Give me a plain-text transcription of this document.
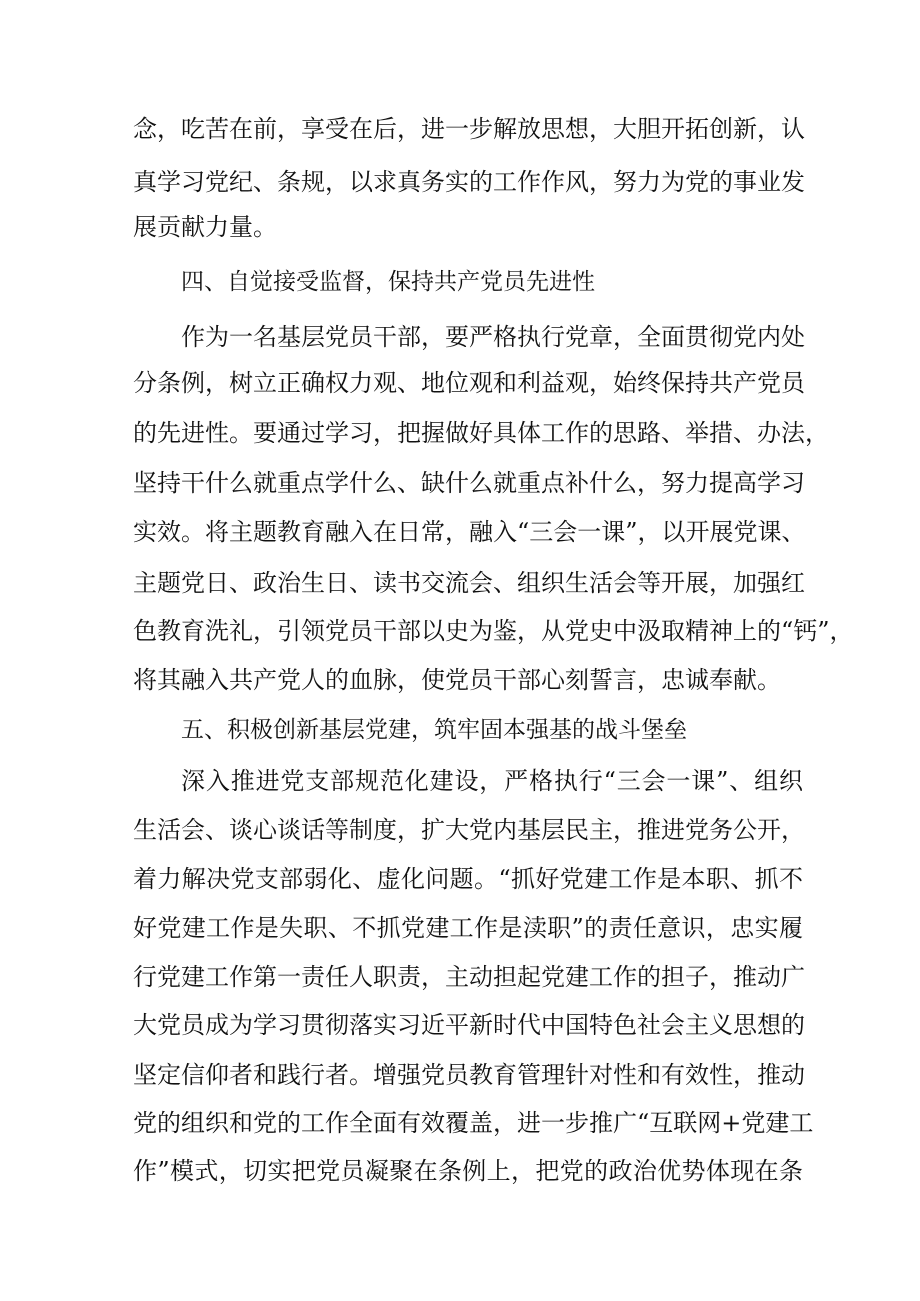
念，吃苦在前，享受在后，进一步解放思想，大胆开拓创新，认
真学习党纪、条规，以求真务实的工作作风，努力为党的事业发
展贡献力量。
四、自觉接受监督，保持共产党员先进性
作为一名基层党员干部，要严格执行党章，全面贯彻党内处
分条例，树立正确权力观、地位观和利益观，始终保持共产党员
的先进性。要通过学习，把握做好具体工作的思路、举措、办法，
坚持干什么就重点学什么、缺什么就重点补什么，努力提高学习
实效。将主题教育融入在日常，融入“三会一课”，以开展党课、
主题党日、政治生日、读书交流会、组织生活会等开展，加强红
色教育洗礼，引领党员干部以史为鉴，从党史中汲取精神上的“钙”，
将其融入共产党人的血脉，使党员干部心刻誓言，忠诚奉献。
五、积极创新基层党建，筑牢固本强基的战斗堡垒
深入推进党支部规范化建设，严格执行“三会一课”、组织
生活会、谈心谈话等制度，扩大党内基层民主，推进党务公开，
着力解决党支部弱化、虚化问题。“抓好党建工作是本职、抓不
好党建工作是失职、不抓党建工作是渎职”的责任意识，忠实履
行党建工作第一责任人职责，主动担起党建工作的担子，推动广
大党员成为学习贯彻落实习近平新时代中国特色社会主义思想的
坚定信仰者和践行者。增强党员教育管理针对性和有效性，推动
党的组织和党的工作全面有效覆盖，进一步推广“互联网+党建工
作”模式，切实把党员凝聚在条例上，把党的政治优势体现在条
